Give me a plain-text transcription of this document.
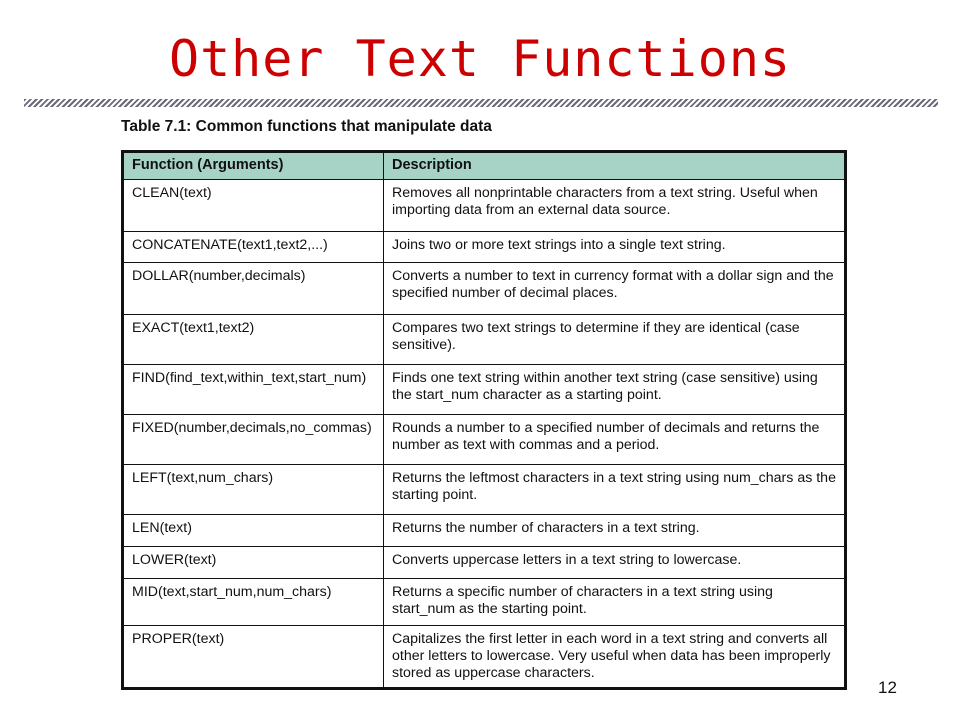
Other Text Functions
Table 7.1: Common functions that manipulate data
Function (Arguments)	Description
CLEAN(text)	Removes all nonprintable characters from a text string. Useful when importing data from an external data source.
CONCATENATE(text1,text2,...)	Joins two or more text strings into a single text string.
DOLLAR(number,decimals)	Converts a number to text in currency format with a dollar sign and the specified number of decimal places.
EXACT(text1,text2)	Compares two text strings to determine if they are identical (case sensitive).
FIND(find_text,within_text,start_num)	Finds one text string within another text string (case sensitive) using the start_num character as a starting point.
FIXED(number,decimals,no_commas)	Rounds a number to a specified number of decimals and returns the number as text with commas and a period.
LEFT(text,num_chars)	Returns the leftmost characters in a text string using num_chars as the starting point.
LEN(text)	Returns the number of characters in a text string.
LOWER(text)	Converts uppercase letters in a text string to lowercase.
MID(text,start_num,num_chars)	Returns a specific number of characters in a text string using start_num as the starting point.
PROPER(text)	Capitalizes the first letter in each word in a text string and converts all other letters to lowercase. Very useful when data has been improperly stored as uppercase characters.
12
